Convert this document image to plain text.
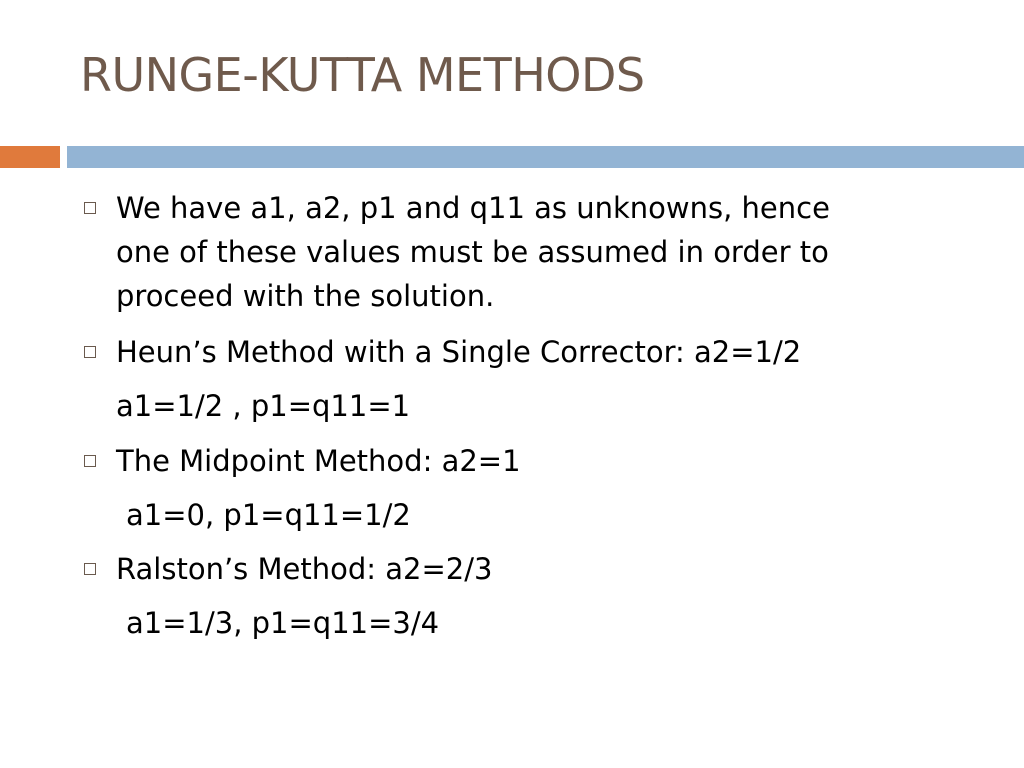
RUNGE-KUTTA METHODS
We have a1, a2, p1 and q11 as unknowns, hence
one of these values must be assumed in order to
proceed with the solution.
Heun’s Method with a Single Corrector: a2=1/2
a1=1/2 , p1=q11=1
The Midpoint Method: a2=1
a1=0, p1=q11=1/2
Ralston’s Method: a2=2/3
a1=1/3, p1=q11=3/4
